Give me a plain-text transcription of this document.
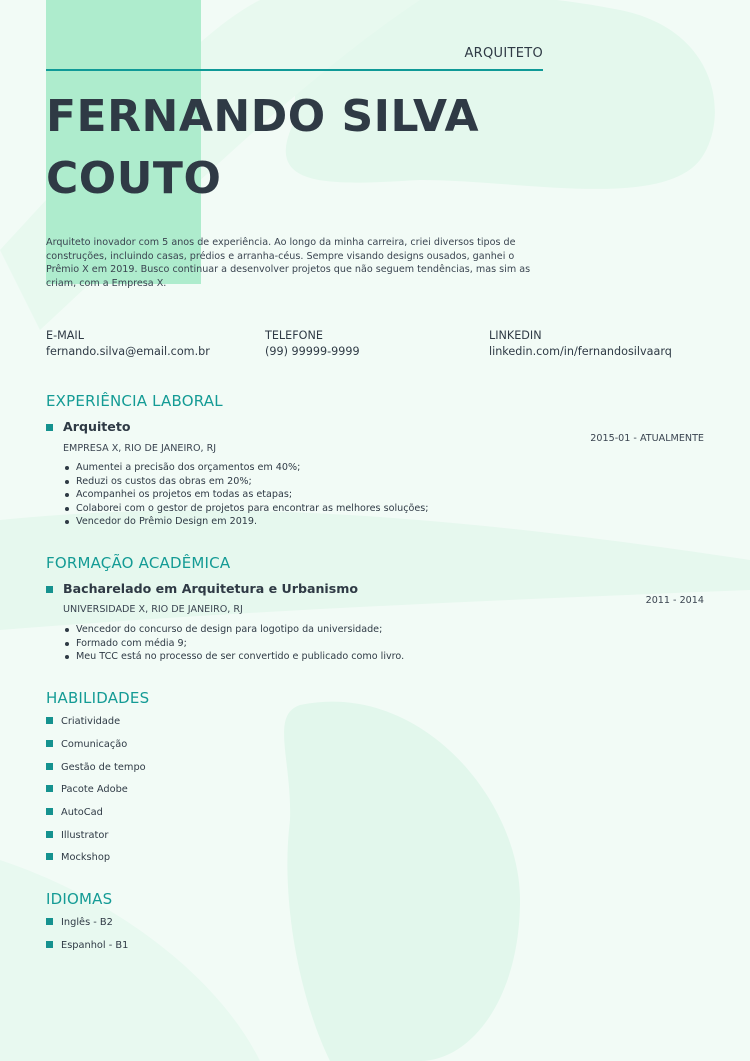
ARQUITETO
FERNANDO SILVA COUTO
Arquiteto inovador com 5 anos de experiência. Ao longo da minha carreira, criei diversos tipos de construções, incluindo casas, prédios e arranha-céus. Sempre visando designs ousados, ganhei o Prêmio X em 2019. Busco continuar a desenvolver projetos que não seguem tendências, mas sim as criam, com a Empresa X.
E-MAIL
fernando.silva@email.com.br
TELEFONE
(99) 99999-9999
LINKEDIN
linkedin.com/in/fernandosilvaarq
EXPERIÊNCIA LABORAL
Arquiteto
2015-01 - ATUALMENTE
EMPRESA X, RIO DE JANEIRO, RJ
Aumentei a precisão dos orçamentos em 40%;
Reduzi os custos das obras em 20%;
Acompanhei os projetos em todas as etapas;
Colaborei com o gestor de projetos para encontrar as melhores soluções;
Vencedor do Prêmio Design em 2019.
FORMAÇÃO ACADÊMICA
Bacharelado em Arquitetura e Urbanismo
2011 - 2014
UNIVERSIDADE X, RIO DE JANEIRO, RJ
Vencedor do concurso de design para logotipo da universidade;
Formado com média 9;
Meu TCC está no processo de ser convertido e publicado como livro.
HABILIDADES
Criatividade
Comunicação
Gestão de tempo
Pacote Adobe
AutoCad
Illustrator
Mockshop
IDIOMAS
Inglês - B2
Espanhol - B1
